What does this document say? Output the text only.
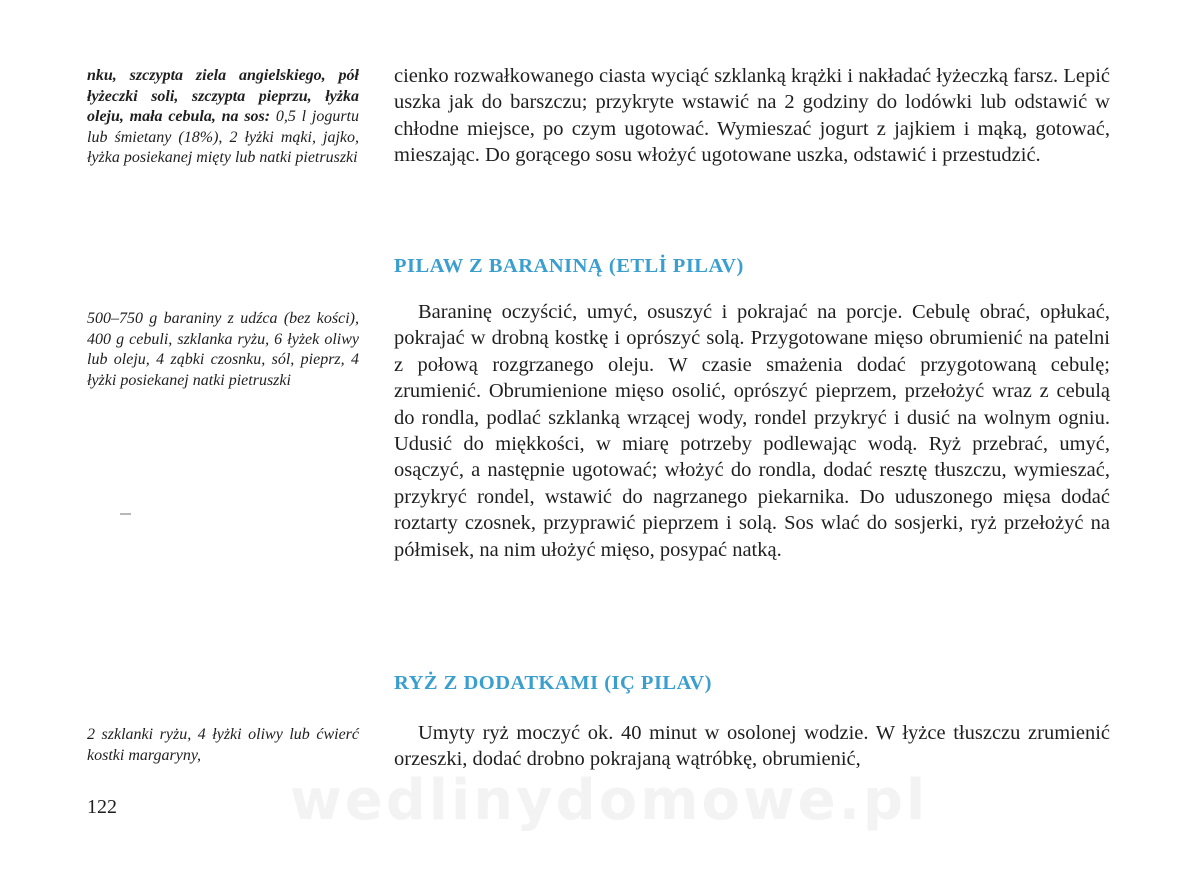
nku, szczypta ziela angielskiego, pół łyżeczki soli, szczypta pieprzu, łyżka oleju, mała cebula, na sos: 0,5 l jogurtu lub śmietany (18%), 2 łyżki mąki, jajko, łyżka posiekanej mięty lub natki pietruszki

cienko rozwałkowanego ciasta wyciąć szklanką krążki i nakładać łyżeczką farsz. Lepić uszka jak do barszczu; przykryte wstawić na 2 godziny do lodówki lub odstawić w chłodne miejsce, po czym ugotować. Wymieszać jogurt z jajkiem i mąką, gotować, mieszając. Do gorącego sosu włożyć ugotowane uszka, odstawić i przestudzić.

PILAW Z BARANINĄ (ETLİ PILAV)

500–750 g baraniny z udźca (bez kości), 400 g cebuli, szklanka ryżu, 6 łyżek oliwy lub oleju, 4 ząbki czosnku, sól, pieprz, 4 łyżki posiekanej natki pietruszki

Baraninę oczyścić, umyć, osuszyć i pokrajać na porcje. Cebulę obrać, opłukać, pokrajać w drobną kostkę i oprószyć solą. Przygotowane mięso obrumienić na patelni z połową rozgrzanego oleju. W czasie smażenia dodać przygotowaną cebulę; zrumienić. Obrumienione mięso osolić, oprószyć pieprzem, przełożyć wraz z cebulą do rondla, podlać szklanką wrzącej wody, rondel przykryć i dusić na wolnym ogniu. Udusić do miękkości, w miarę potrzeby podlewając wodą. Ryż przebrać, umyć, osączyć, a następnie ugotować; włożyć do rondla, dodać resztę tłuszczu, wymieszać, przykryć rondel, wstawić do nagrzanego piekarnika. Do uduszonego mięsa dodać roztarty czosnek, przyprawić pieprzem i solą. Sos wlać do sosjerki, ryż przełożyć na półmisek, na nim ułożyć mięso, posypać natką.

RYŻ Z DODATKAMI (IÇ PILAV)

2 szklanki ryżu, 4 łyżki oliwy lub ćwierć kostki margaryny,

Umyty ryż moczyć ok. 40 minut w osolonej wodzie. W łyżce tłuszczu zrumienić orzeszki, dodać drobno pokrajaną wątróbkę, obrumienić,

122	wedlinydomowe.pl
